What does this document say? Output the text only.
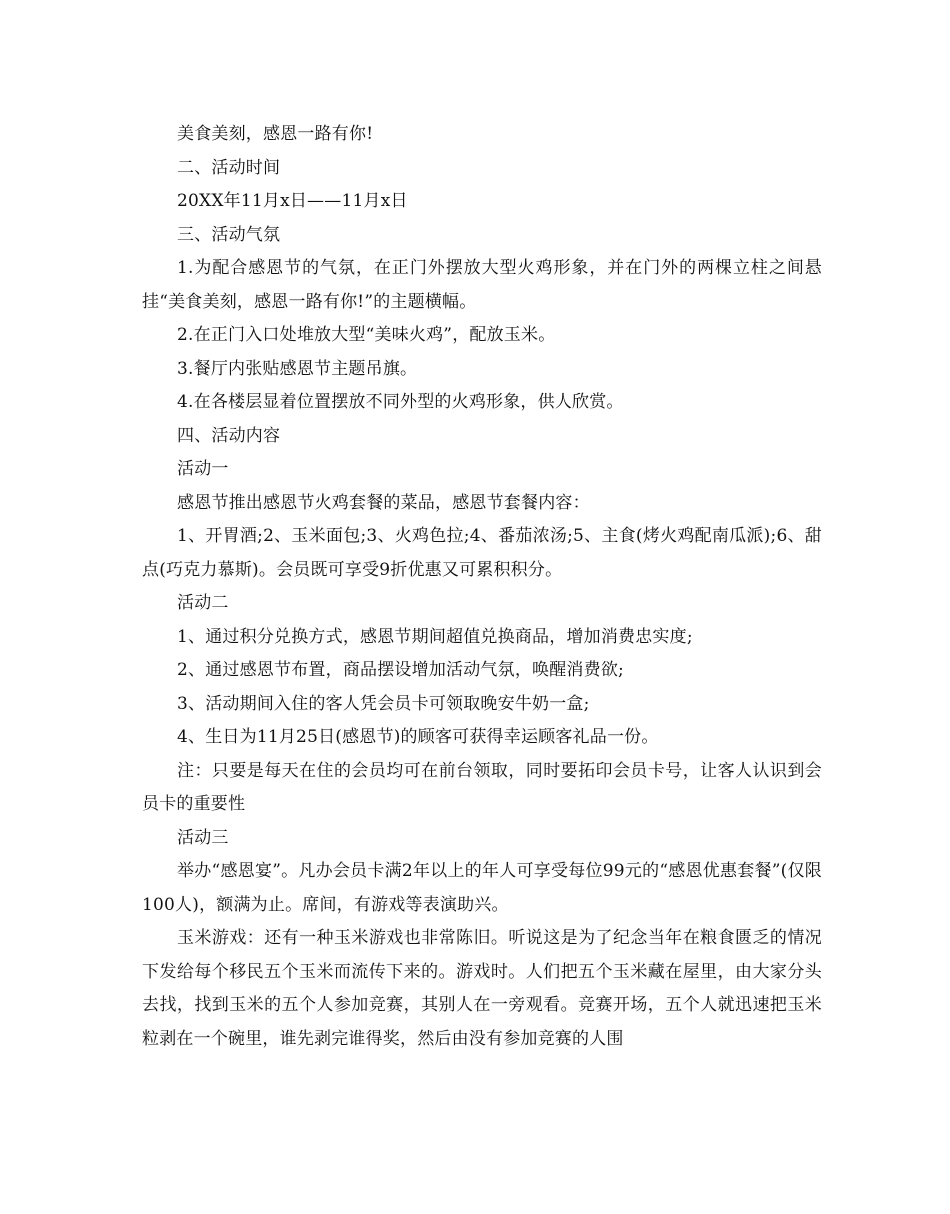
美食美刻，感恩一路有你!

二、活动时间

20XX年11月x日——11月x日

三、活动气氛

1.为配合感恩节的气氛，在正门外摆放大型火鸡形象，并在门外的两棵立柱之间悬挂“美食美刻，感恩一路有你!”的主题横幅。

2.在正门入口处堆放大型“美味火鸡”，配放玉米。

3.餐厅内张贴感恩节主题吊旗。

4.在各楼层显着位置摆放不同外型的火鸡形象，供人欣赏。

四、活动内容

活动一

感恩节推出感恩节火鸡套餐的菜品，感恩节套餐内容：

1、开胃酒;2、玉米面包;3、火鸡色拉;4、番茄浓汤;5、主食(烤火鸡配南瓜派);6、甜点(巧克力慕斯)。会员既可享受9折优惠又可累积积分。

活动二

1、通过积分兑换方式，感恩节期间超值兑换商品，增加消费忠实度;

2、通过感恩节布置，商品摆设增加活动气氛，唤醒消费欲;

3、活动期间入住的客人凭会员卡可领取晚安牛奶一盒;

4、生日为11月25日(感恩节)的顾客可获得幸运顾客礼品一份。

注：只要是每天在住的会员均可在前台领取，同时要拓印会员卡号，让客人认识到会员卡的重要性

活动三

举办“感恩宴”。凡办会员卡满2年以上的年人可享受每位99元的“感恩优惠套餐”(仅限100人)，额满为止。席间，有游戏等表演助兴。

玉米游戏：还有一种玉米游戏也非常陈旧。听说这是为了纪念当年在粮食匮乏的情况下发给每个移民五个玉米而流传下来的。游戏时。人们把五个玉米藏在屋里，由大家分头去找，找到玉米的五个人参加竞赛，其别人在一旁观看。竞赛开场，五个人就迅速把玉米粒剥在一个碗里，谁先剥完谁得奖，然后由没有参加竞赛的人围
